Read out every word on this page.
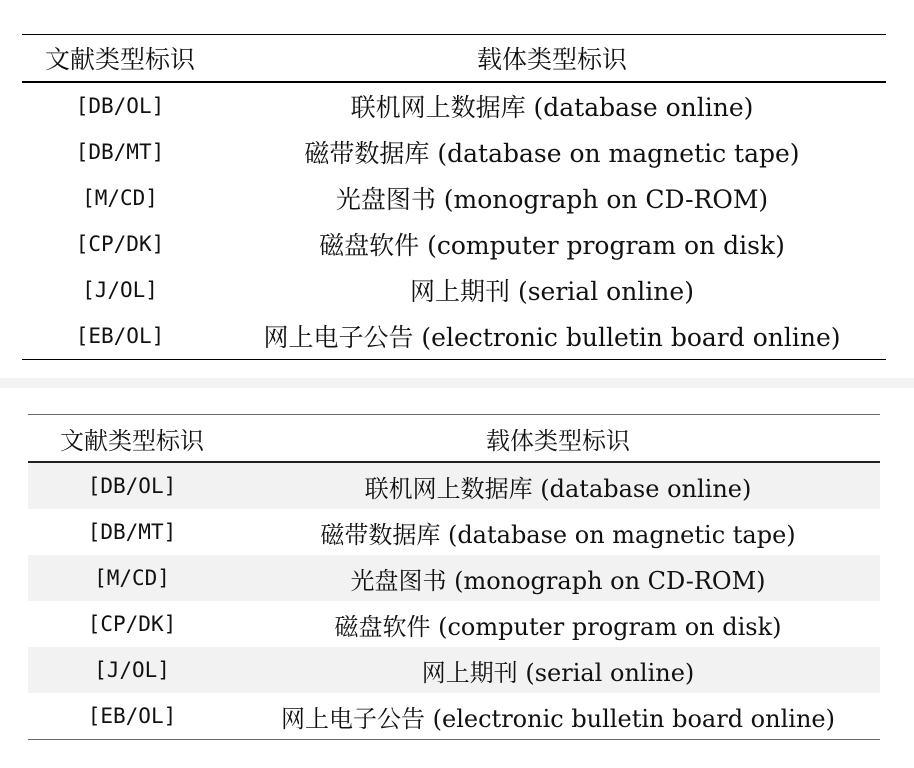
文献类型标识	载体类型标识
[DB/OL]	联机网上数据库 (database online)
[DB/MT]	磁带数据库 (database on magnetic tape)
[M/CD]	光盘图书 (monograph on CD-ROM)
[CP/DK]	磁盘软件 (computer program on disk)
[J/OL]	网上期刊 (serial online)
[EB/OL]	网上电子公告 (electronic bulletin board online)
文献类型标识	载体类型标识
[DB/OL]	联机网上数据库 (database online)
[DB/MT]	磁带数据库 (database on magnetic tape)
[M/CD]	光盘图书 (monograph on CD-ROM)
[CP/DK]	磁盘软件 (computer program on disk)
[J/OL]	网上期刊 (serial online)
[EB/OL]	网上电子公告 (electronic bulletin board online)
